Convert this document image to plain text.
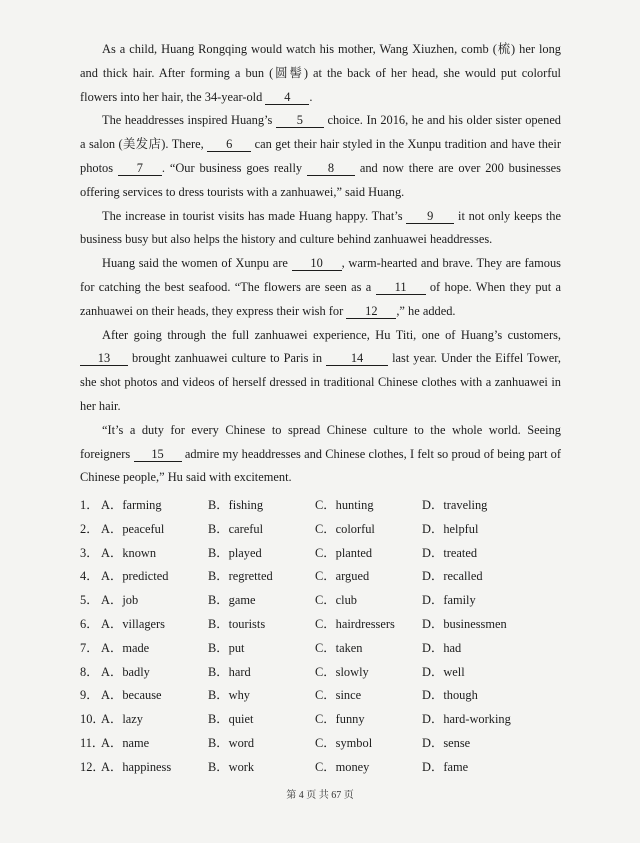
As a child, Huang Rongqing would watch his mother, Wang Xiuzhen, comb (梳) her long and thick hair. After forming a bun (圆髻) at the back of her head, she would put colorful flowers into her hair, the 34-year-old 4 .

The headdresses inspired Huang’s 5 choice. In 2016, he and his older sister opened a salon (美发店). There, 6 can get their hair styled in the Xunpu tradition and have their photos 7 . “Our business goes really 8 and now there are over 200 businesses offering services to dress tourists with a zanhuawei,” said Huang.

The increase in tourist visits has made Huang happy. That’s 9 it not only keeps the business busy but also helps the history and culture behind zanhuawei headdresses.

Huang said the women of Xunpu are 10 , warm-hearted and brave. They are famous for catching the best seafood. “The flowers are seen as a 11 of hope. When they put a zanhuawei on their heads, they express their wish for 12 ,” he added.

After going through the full zanhuawei experience, Hu Titi, one of Huang’s customers, 13 brought zanhuawei culture to Paris in 14 last year. Under the Eiffel Tower, she shot photos and videos of herself dressed in traditional Chinese clothes with a zanhuawei in her hair.

“It’s a duty for every Chinese to spread Chinese culture to the whole world. Seeing foreigners 15 admire my headdresses and Chinese clothes, I felt so proud of being part of Chinese people,” Hu said with excitement.

1． A．farming	B．fishing	C．hunting	D．traveling
2． A．peaceful	B．careful	C．colorful	D．helpful
3． A．known	B．played	C．planted	D．treated
4． A．predicted	B．regretted	C．argued	D．recalled
5． A．job	B．game	C．club	D．family
6． A．villagers	B．tourists	C．hairdressers D．businessmen
7． A．made	B．put	C．taken	D．had
8． A．badly	B．hard	C．slowly	D．well
9． A．because	B．why	C．since	D．though
10．
A．lazy	B．quiet	C．funny	D．hard-working
11．
A．name	B．word	C．symbol	D．sense
12．
A．happiness	B．work	C．money	D．fame
第 4 页 共 67 页
